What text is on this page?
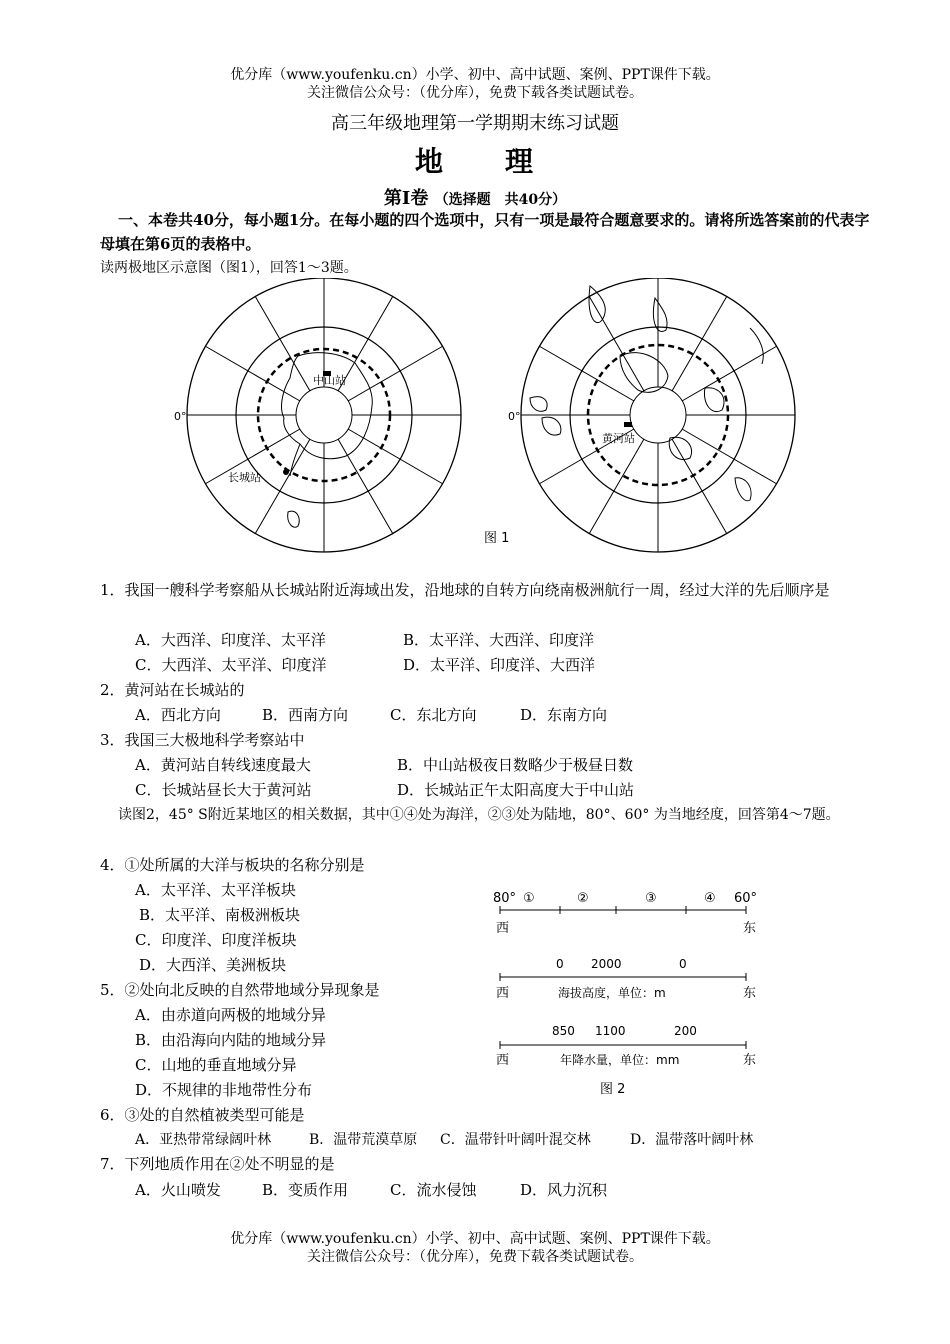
优分库（www.youfenku.cn）小学、初中、高中试题、案例、PPT课件下载。
关注微信公众号：（优分库），免费下载各类试题试卷。
高三年级地理第一学期期末练习试题
地　　理
第Ⅰ卷 （选择题　共40分）
一、本卷共40分，每小题1分。在每小题的四个选项中，只有一项是最符合题意要求的。请将所选答案前的代表字母填在第6页的表格中。
读两极地区示意图（图1），回答1～3题。
中山站
长城站
0°
黄河站
0°
图 1
1．我国一艘科学考察船从长城站附近海域出发，沿地球的自转方向绕南极洲航行一周，经过大洋的先后顺序是
A．大西洋、印度洋、太平洋	B．太平洋、大西洋、印度洋
C．大西洋、太平洋、印度洋	D．太平洋、印度洋、大西洋
2．黄河站在长城站的
A．西北方向	B．西南方向	C．东北方向	D．东南方向
3．我国三大极地科学考察站中
A．黄河站自转线速度最大	B．中山站极夜日数略少于极昼日数
C．长城站昼长大于黄河站	D．长城站正午太阳高度大于中山站
读图2，45° S附近某地区的相关数据，其中①④处为海洋，②③处为陆地，80°、60° 为当地经度，回答第4～7题。
4．①处所属的大洋与板块的名称分别是
A．太平洋、太平洋板块
B．太平洋、南极洲板块
C．印度洋、印度洋板块
D．大西洋、美洲板块
5．②处向北反映的自然带地域分异现象是
A．由赤道向两极的地域分异
B．由沿海向内陆的地域分异
C．山地的垂直地域分异
D．不规律的非地带性分布
80°	60°
①	②	③	④
西	东
西	东
西	东
0 2000	0
海拔高度，单位：m
850 1100	200
年降水量，单位：mm
图 2
6．③处的自然植被类型可能是
A．亚热带常绿阔叶林	B．温带荒漠草原 C．温带针叶阔叶混交林	D．温带落叶阔叶林
7．下列地质作用在②处不明显的是
A．火山喷发	B．变质作用	C．流水侵蚀	D．风力沉积
优分库（www.youfenku.cn）小学、初中、高中试题、案例、PPT课件下载。
关注微信公众号：（优分库），免费下载各类试题试卷。
